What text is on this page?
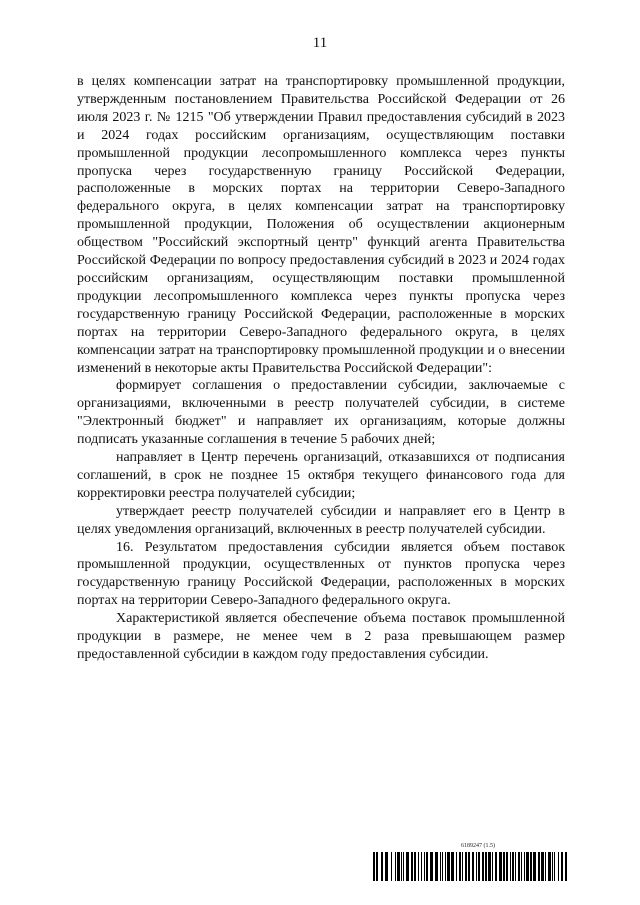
11

в целях компенсации затрат на транспортировку промышленной продукции, утвержденным постановлением Правительства Российской Федерации от 26 июля 2023 г. № 1215 "Об утверждении Правил предоставления субсидий в 2023 и 2024 годах российским организациям, осуществляющим поставки промышленной продукции лесопромышленного комплекса через пункты пропуска через государственную границу Российской Федерации, расположенные в морских портах на территории Северо-Западного федерального округа, в целях компенсации затрат на транспортировку промышленной продукции, Положения об осуществлении акционерным обществом "Российский экспортный центр" функций агента Правительства Российской Федерации по вопросу предоставления субсидий в 2023 и 2024 годах российским организациям, осуществляющим поставки промышленной продукции лесопромышленного комплекса через пункты пропуска через государственную границу Российской Федерации, расположенные в морских портах на территории Северо-Западного федерального округа, в целях компенсации затрат на транспортировку промышленной продукции и о внесении изменений в некоторые акты Правительства Российской Федерации":

формирует соглашения о предоставлении субсидии, заключаемые с организациями, включенными в реестр получателей субсидии, в системе "Электронный бюджет" и направляет их организациям, которые должны подписать указанные соглашения в течение 5 рабочих дней;

направляет в Центр перечень организаций, отказавшихся от подписания соглашений, в срок не позднее 15 октября текущего финансового года для корректировки реестра получателей субсидии;

утверждает реестр получателей субсидии и направляет его в Центр в целях уведомления организаций, включенных в реестр получателей субсидии.

16. Результатом предоставления субсидии является объем поставок промышленной продукции, осуществленных от пунктов пропуска через государственную границу Российской Федерации, расположенных в морских портах на территории Северо-Западного федерального округа.

Характеристикой является обеспечение объема поставок промышленной продукции в размере, не менее чем в 2 раза превышающем размер предоставленной субсидии в каждом году предоставления субсидии.

6189247 (1.5)
